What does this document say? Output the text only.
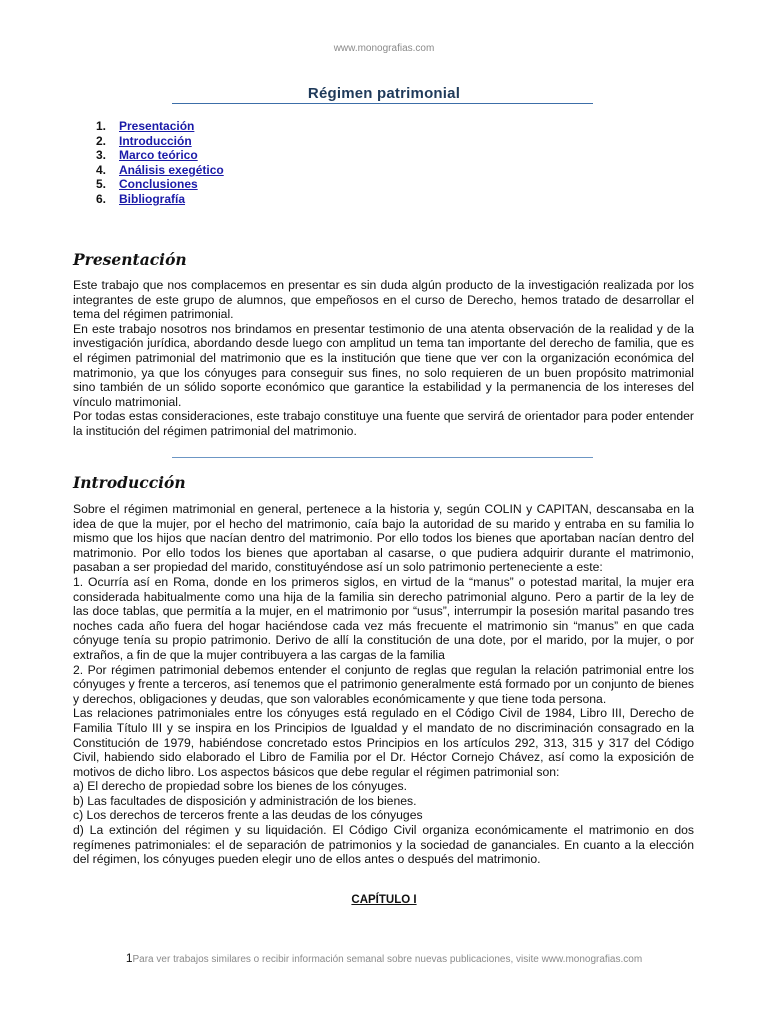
www.monografias.com
Régimen patrimonial
1.	Presentación
2.	Introducción
3.	Marco teórico
4.	Análisis exegético
5.	Conclusiones
6.	Bibliografía
Presentación

Este trabajo que nos complacemos en presentar es sin duda algún producto de la investigación realizada por los integrantes de este grupo de alumnos, que empeñosos en el curso de Derecho, hemos tratado de desarrollar el tema del régimen patrimonial.

En este trabajo nosotros nos brindamos en presentar testimonio de una atenta observación de la realidad y de la investigación jurídica, abordando desde luego con amplitud un tema tan importante del derecho de familia, que es el régimen patrimonial del matrimonio que es la institución que tiene que ver con la organización económica del matrimonio, ya que los cónyuges para conseguir sus fines, no solo requieren de un buen propósito matrimonial sino también de un sólido soporte económico que garantice la estabilidad y la permanencia de los intereses del vínculo matrimonial.

Por todas estas consideraciones, este trabajo constituye una fuente que servirá de orientador para poder entender la institución del régimen patrimonial del matrimonio.

Introducción

Sobre el régimen matrimonial en general, pertenece a la historia y, según COLIN y CAPITAN, descansaba en la idea de que la mujer, por el hecho del matrimonio, caía bajo la autoridad de su marido y entraba en su familia lo mismo que los hijos que nacían dentro del matrimonio. Por ello todos los bienes que aportaban nacían dentro del matrimonio. Por ello todos los bienes que aportaban al casarse, o que pudiera adquirir durante el matrimonio, pasaban a ser propiedad del marido, constituyéndose así un solo patrimonio perteneciente a este:

1. Ocurría así en Roma, donde en los primeros siglos, en virtud de la “manus” o potestad marital, la mujer era considerada habitualmente como una hija de la familia sin derecho patrimonial alguno. Pero a partir de la ley de las doce tablas, que permitía a la mujer, en el matrimonio por “usus”, interrumpir la posesión marital pasando tres noches cada año fuera del hogar haciéndose cada vez más frecuente el matrimonio sin “manus” en que cada cónyuge tenía su propio patrimonio. Derivo de allí la constitución de una dote, por el marido, por la mujer, o por extraños, a fin de que la mujer contribuyera a las cargas de la familia

2. Por régimen patrimonial debemos entender el conjunto de reglas que regulan la relación patrimonial entre los cónyuges y frente a terceros, así tenemos que el patrimonio generalmente está formado por un conjunto de bienes y derechos, obligaciones y deudas, que son valorables económicamente y que tiene toda persona.

Las relaciones patrimoniales entre los cónyuges está regulado en el Código Civil de 1984, Libro III, Derecho de Familia Título III y se inspira en los Principios de Igualdad y el mandato de no discriminación consagrado en la Constitución de 1979, habiéndose concretado estos Principios en los artículos 292, 313, 315 y 317 del Código Civil, habiendo sido elaborado el Libro de Familia por el Dr. Héctor Cornejo Chávez, así como la exposición de motivos de dicho libro. Los aspectos básicos que debe regular el régimen patrimonial son:

a) El derecho de propiedad sobre los bienes de los cónyuges.

b) Las facultades de disposición y administración de los bienes.

c) Los derechos de terceros frente a las deudas de los cónyuges

d) La extinción del régimen y su liquidación. El Código Civil organiza económicamente el matrimonio en dos regímenes patrimoniales: el de separación de patrimonios y la sociedad de gananciales. En cuanto a la elección del régimen, los cónyuges pueden elegir uno de ellos antes o después del matrimonio.

CAPÍTULO I
1Para ver trabajos similares o recibir información semanal sobre nuevas publicaciones, visite www.monografias.com
